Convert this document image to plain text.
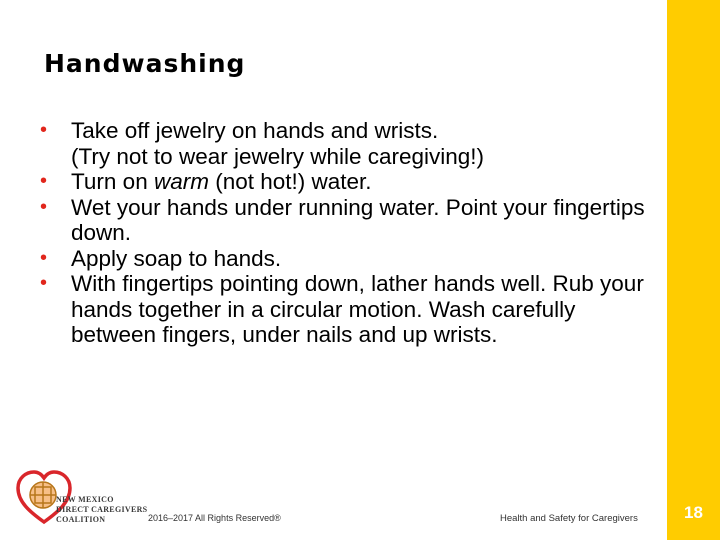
18
Handwashing
• Take off jewelry on hands and wrists.
(Try not to wear jewelry while caregiving!)
• Turn on warm (not hot!) water.
• Wet your hands under running water. Point your fingertips down.
• Apply soap to hands.
• With fingertips pointing down, lather hands well. Rub your hands together in a circular motion. Wash carefully between fingers, under nails and up wrists.
NEW MEXICO
DIRECT CAREGIVERS
COALITION	2016–2017 All Rights Reserved®	Health and Safety for Caregivers
